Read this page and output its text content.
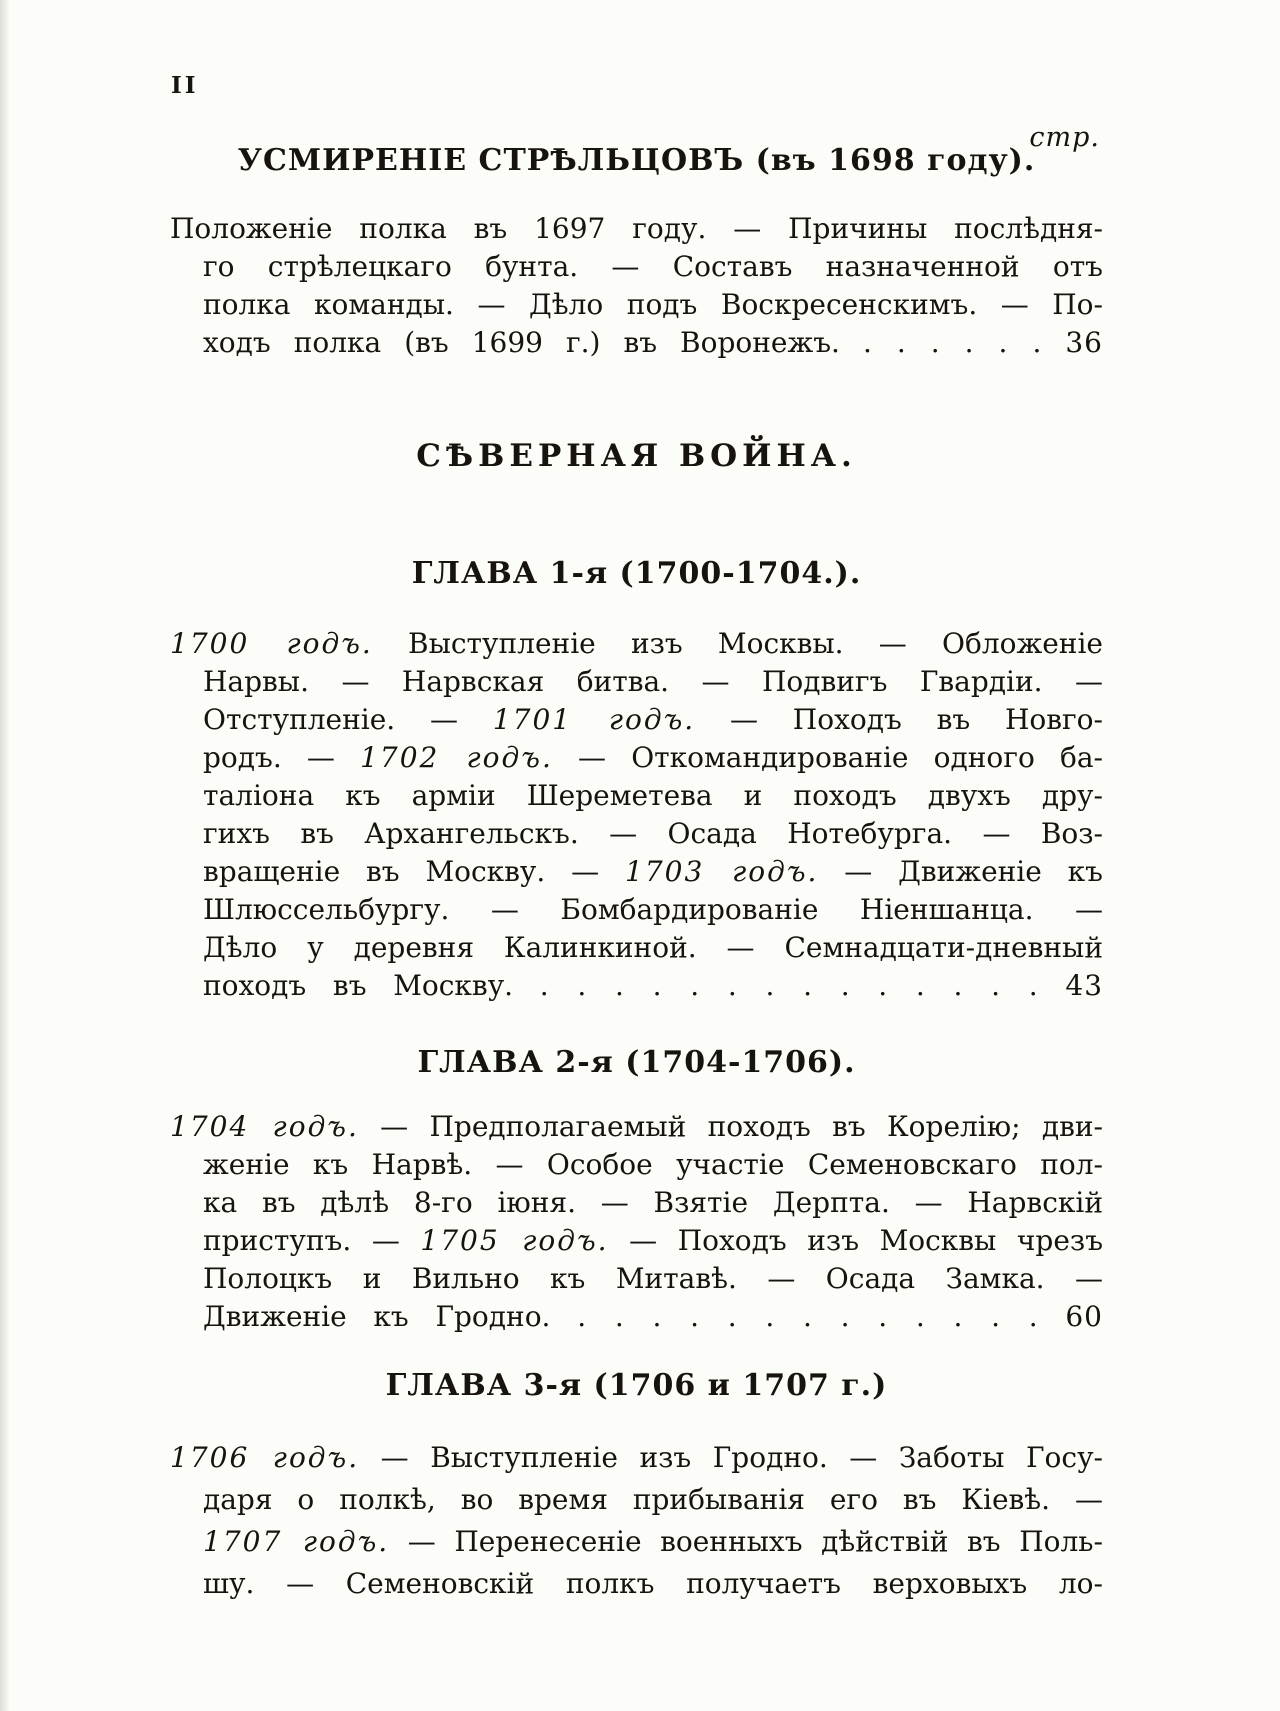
II
стр.
УСМИРЕНІЕ СТРѢЛЬЦОВЪ (въ 1698 году).

Положеніе полка въ 1697 году. — Причины послѣдня-

го стрѣлецкаго бунта. — Составъ назначенной отъ

полка команды. — Дѣло подъ Воскресенскимъ. — По-

ходъ полка (въ 1699 г.) въ Воронежъ. . . . . . . 36

СѢВЕРНАЯ ВОЙНА.
ГЛАВА 1-я (1700-1704.).

1700 годъ. Выступленіе изъ Москвы. — Обложеніе

Нарвы. — Нарвская битва. — Подвигъ Гвардіи. —

Отступленіе. — 1701 годъ. — Походъ въ Новго-

родъ. — 1702 годъ. — Откомандированіе одного ба-

таліона къ арміи Шереметева и походъ двухъ дру-

гихъ въ Архангельскъ. — Осада Нотебурга. — Воз-

вращеніе въ Москву. — 1703 годъ. — Движеніе къ

Шлюссельбургу. — Бомбардированіе Ніеншанца. —

Дѣло у деревня Калинкиной. — Семнадцати-дневный

походъ въ Москву. . . . . . . . . . . . . . . 43

ГЛАВА 2-я (1704-1706).

1704 годъ. — Предполагаемый походъ въ Корелію; дви-

женіе къ Нарвѣ. — Особое участіе Семеновскаго пол-

ка въ дѣлѣ 8-го іюня. — Взятіе Дерпта. — Нарвскій

приступъ. — 1705 годъ. — Походъ изъ Москвы чрезъ

Полоцкъ и Вильно къ Митавѣ. — Осада Замка. —

Движеніе къ Гродно. . . . . . . . . . . . . . 60

ГЛАВА 3-я (1706 и 1707 г.)

1706 годъ. — Выступленіе изъ Гродно. — Заботы Госу-

даря о полкѣ, во время прибыванія его въ Кіевѣ. —

1707 годъ. — Перенесеніе военныхъ дѣйствій въ Поль-

шу. — Семеновскій полкъ получаетъ верховыхъ ло-
